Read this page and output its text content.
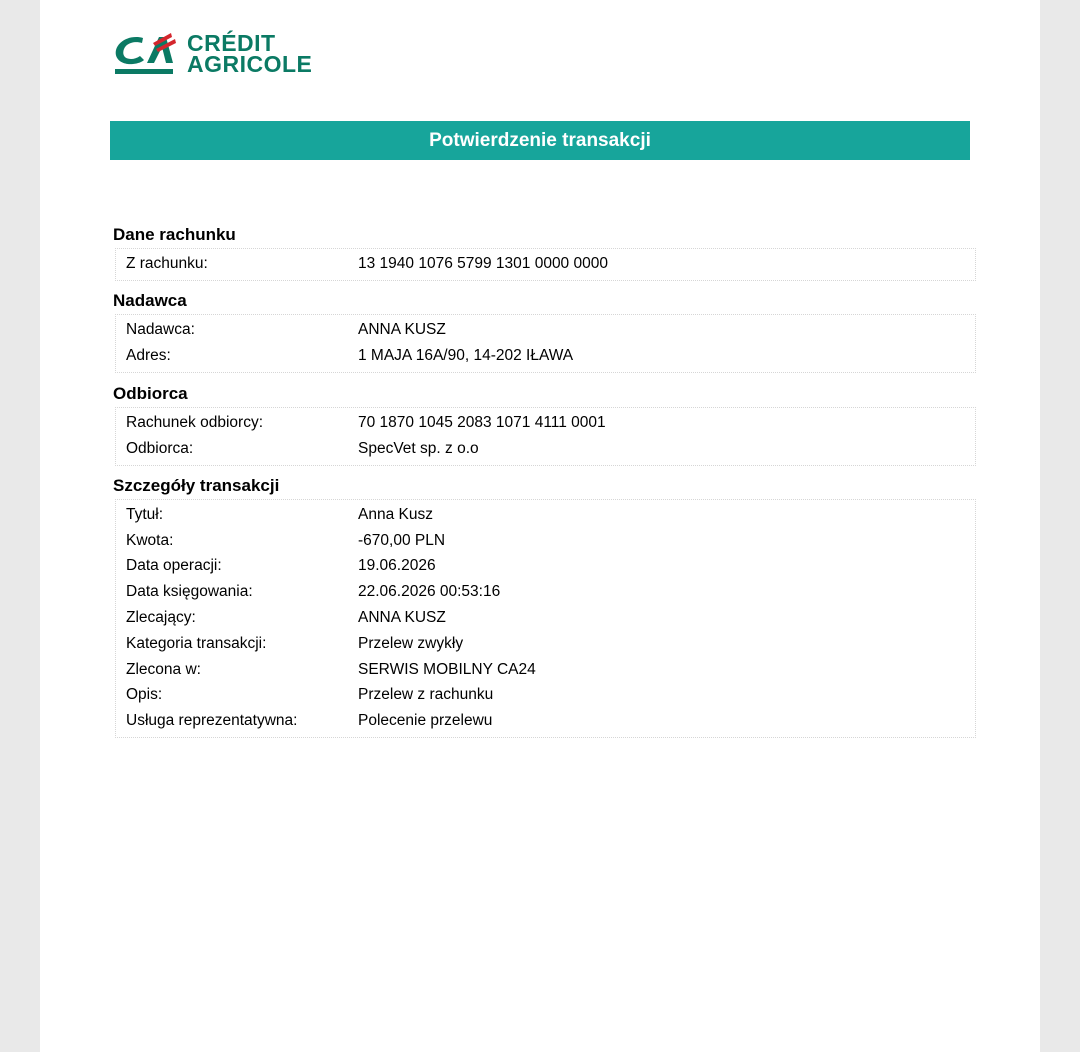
CRÉDIT
AGRICOLE
Potwierdzenie transakcji
Dane rachunku
Z rachunku:	13 1940 1076 5799 1301 0000 0000
Nadawca
Nadawca:	ANNA KUSZ
Adres:	1 MAJA 16A/90, 14-202 IŁAWA
Odbiorca
Rachunek odbiorcy:	70 1870 1045 2083 1071 4111 0001
Odbiorca:	SpecVet sp. z o.o
Szczegóły transakcji
Tytuł:	Anna Kusz
Kwota:	-670,00 PLN
Data operacji:	19.06.2026
Data księgowania:	22.06.2026 00:53:16
Zlecający:	ANNA KUSZ
Kategoria transakcji:	Przelew zwykły
Zlecona w:	SERWIS MOBILNY CA24
Opis:	Przelew z rachunku
Usługa reprezentatywna:	Polecenie przelewu
